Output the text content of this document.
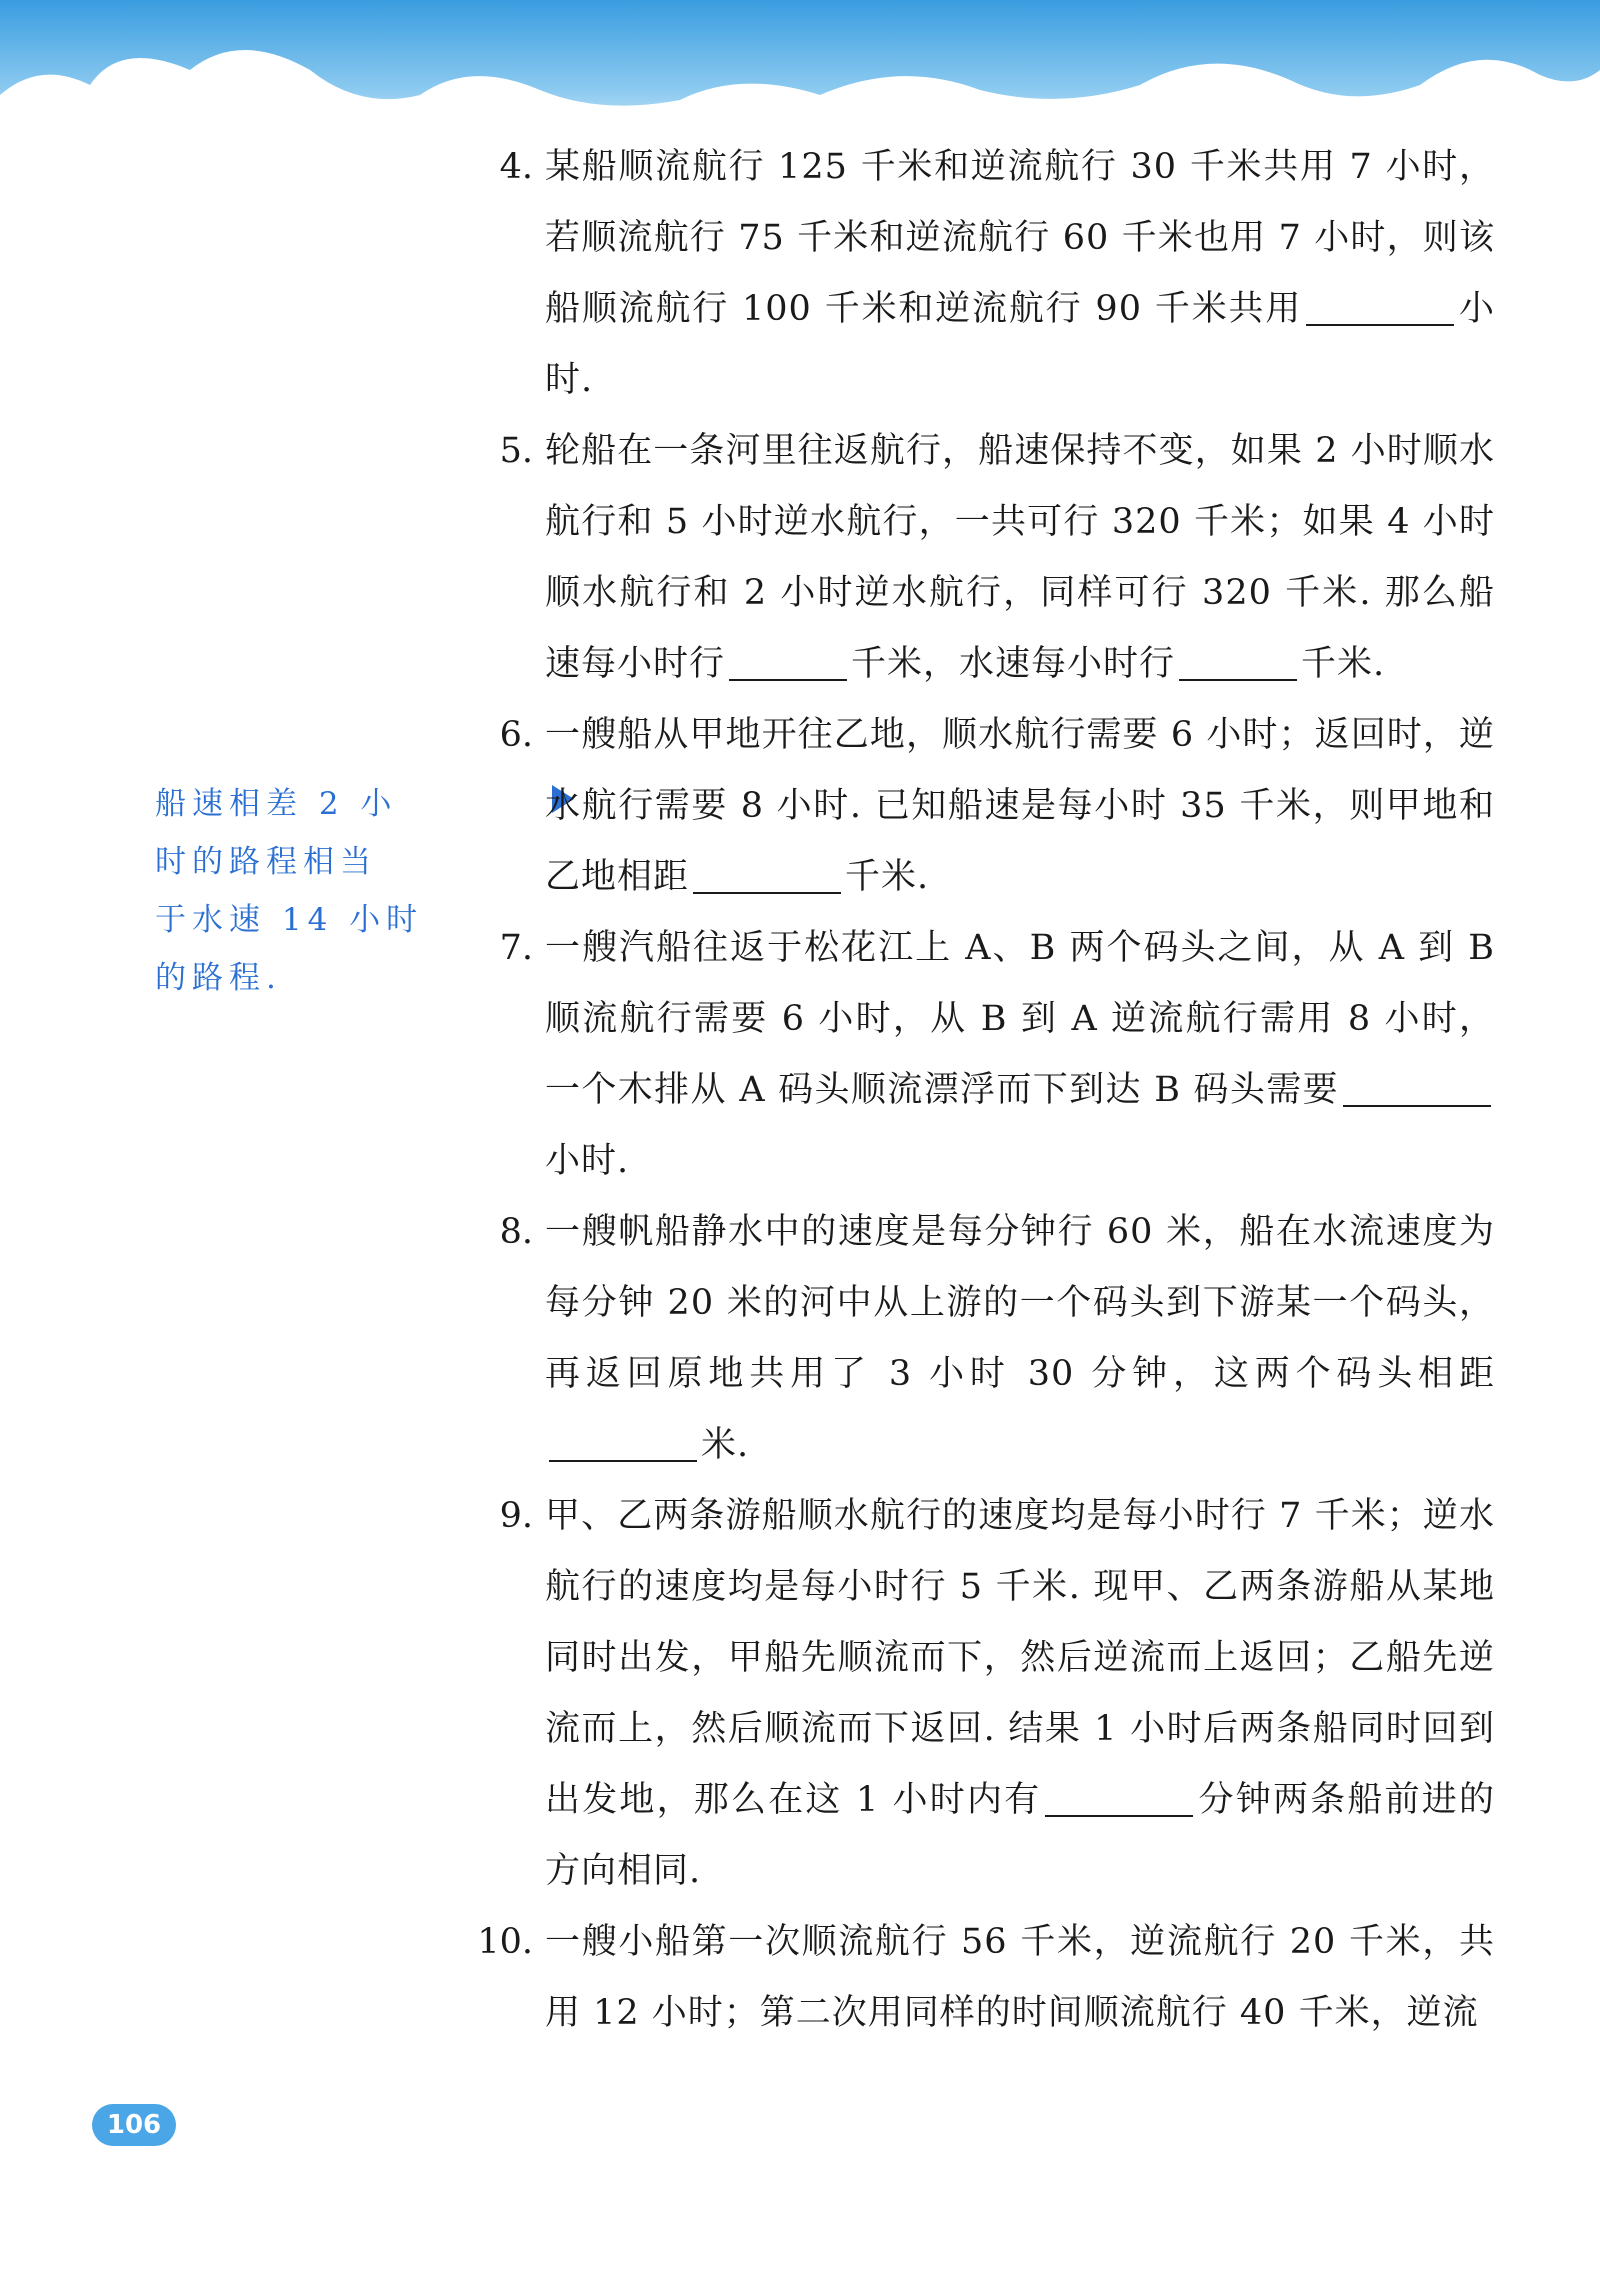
船速相差 2 小
时的路程相当
于水速 14 小时
的路程.
4. 某船顺流航行 125 千米和逆流航行 30 千米共用 7 小时，若顺流航行 75 千米和逆流航行 60 千米也用 7 小时，则该船顺流航行 100 千米和逆流航行 90 千米共用	小时.
5. 轮船在一条河里往返航行，船速保持不变，如果 2 小时顺水航行和 5 小时逆水航行，一共可行 320 千米；如果 4 小时顺水航行和 2 小时逆水航行，同样可行 320 千米. 那么船速每小时行	千米，水速每小时行	千米.
6. 一艘船从甲地开往乙地，顺水航行需要 6 小时；返回时，逆水航行需要 8 小时. 已知船速是每小时 35 千米，则甲地和乙地相距	千米.
7. 一艘汽船往返于松花江上 A、B 两个码头之间，从 A 到 B 顺流航行需要 6 小时，从 B 到 A 逆流航行需用 8 小时，一个木排从 A 码头顺流漂浮而下到达 B 码头需要小时.
8. 一艘帆船静水中的速度是每分钟行 60 米，船在水流速度为每分钟 20 米的河中从上游的一个码头到下游某一个码头，再返回原地共用了 3 小时 30 分钟，这两个码头相距米.
9. 甲、乙两条游船顺水航行的速度均是每小时行 7 千米；逆水航行的速度均是每小时行 5 千米. 现甲、乙两条游船从某地同时出发，甲船先顺流而下，然后逆流而上返回；乙船先逆流而上，然后顺流而下返回. 结果 1 小时后两条船同时回到出发地，那么在这 1 小时内有	分钟两条船前进的方向相同.
10. 一艘小船第一次顺流航行 56 千米，逆流航行 20 千米，共用 12 小时；第二次用同样的时间顺流航行 40 千米，逆流
106
